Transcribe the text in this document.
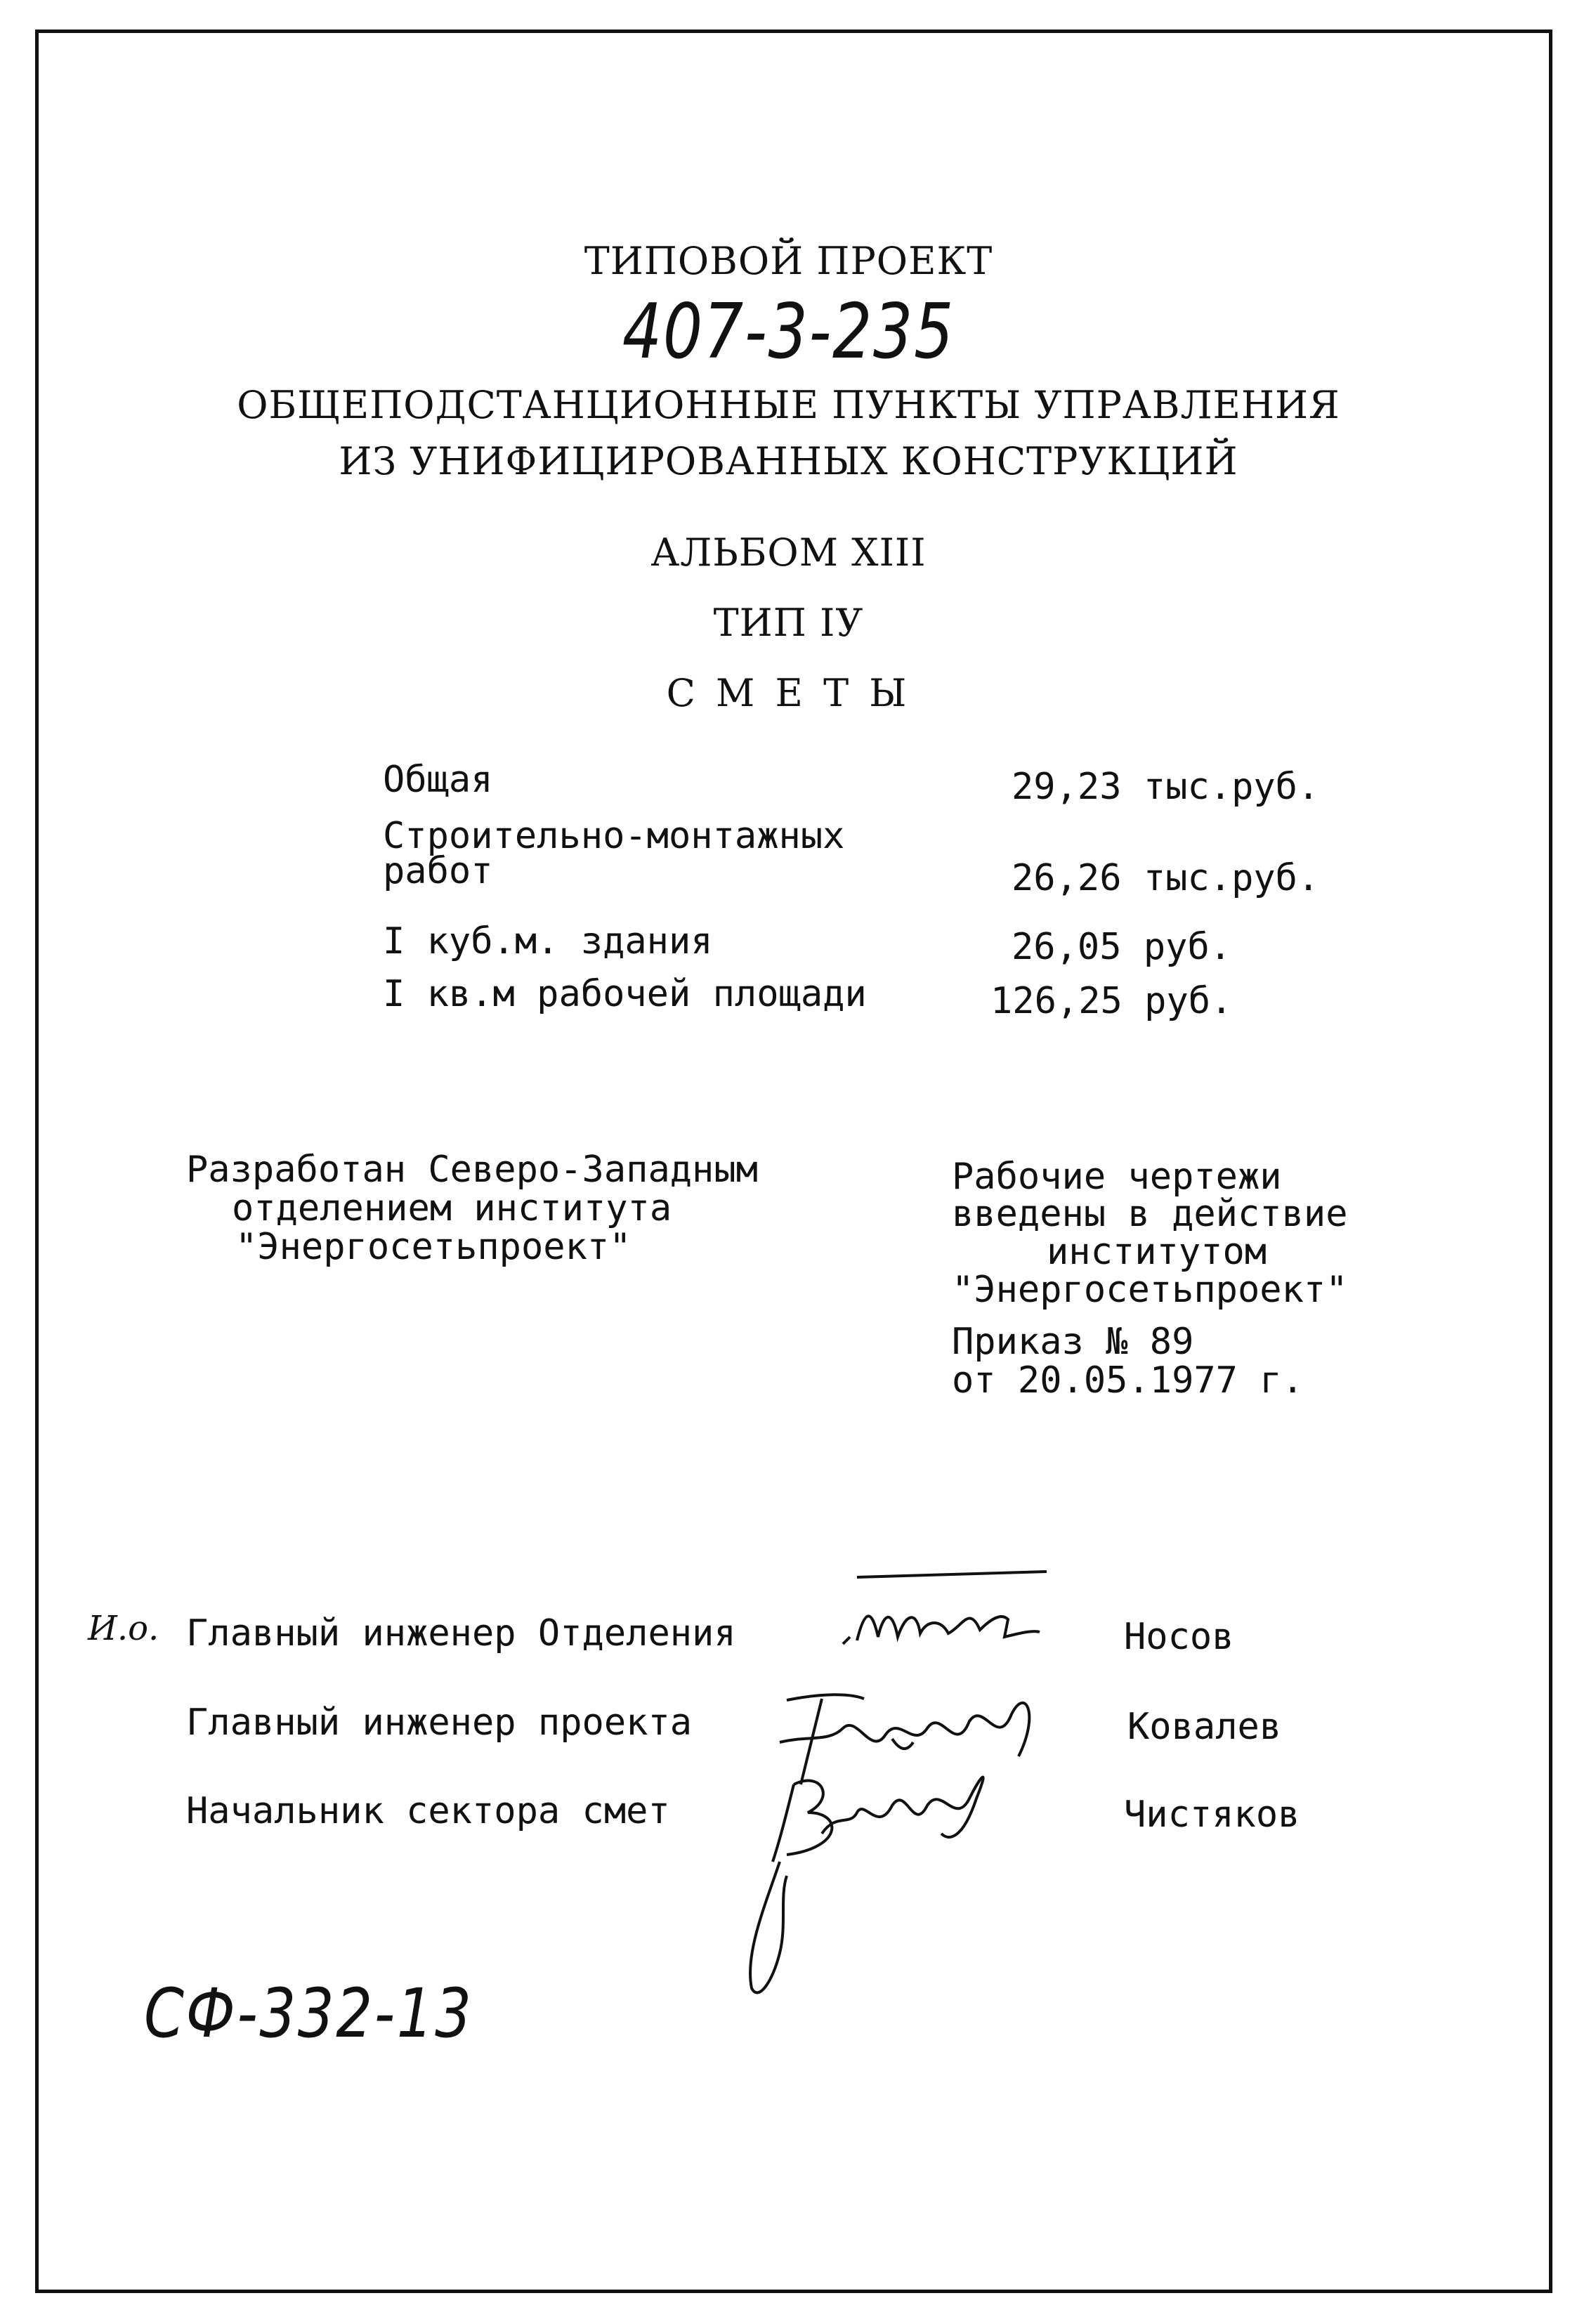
ТИПОВОЙ ПРОЕКТ
407-3-235
ОБЩЕПОДСТАНЦИОННЫЕ ПУНКТЫ УПРАВЛЕНИЯ
ИЗ УНИФИЦИРОВАННЫХ КОНСТРУКЦИЙ
АЛЬБОМ XIII
ТИП IУ
С М Е Т Ы
Общая	29,23 тыс.руб.
Строительно-монтажных
работ	26,26 тыс.руб.
I куб.м. здания	26,05 руб.
I кв.м рабочей площади	126,25 руб.
Разработан Северо-Западным
отделением института
"Энергосетьпроект"
Рабочие чертежи
введены в действие
институтом
"Энергосетьпроект"
Приказ № 89
от 20.05.1977 г.
И.о. Главный инженер Отделения	Носов
Главный инженер проекта	Ковалев
Начальник сектора смет	Чистяков
СФ-332-13
